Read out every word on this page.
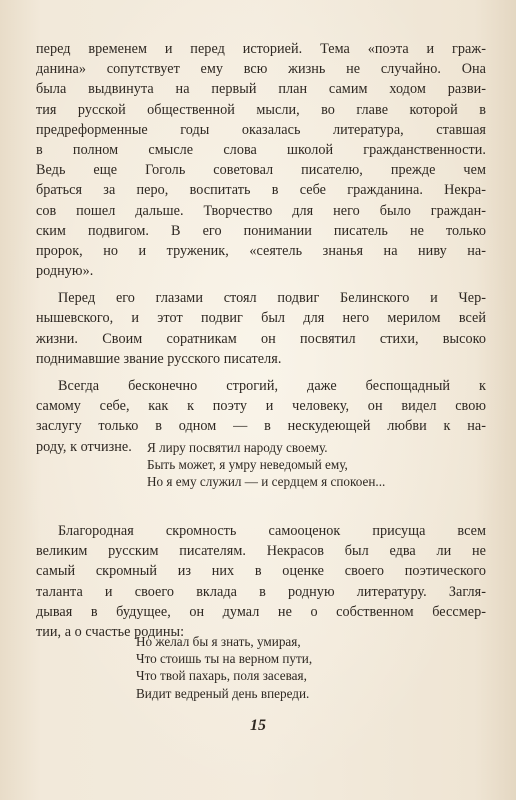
перед временем и перед историей. Тема «поэта и граж-
данина» сопутствует ему всю жизнь не случайно. Она
была выдвинута на первый план самим ходом разви-
тия русской общественной мысли, во главе которой в
предреформенные годы оказалась литература, ставшая
в полном смысле слова школой гражданственности.
Ведь еще Гоголь советовал писателю, прежде чем
браться за перо, воспитать в себе гражданина. Некра-
сов пошел дальше. Творчество для него было граждан-
ским подвигом. В его понимании писатель не только
пророк, но и труженик, «сеятель знанья на ниву на-
родную».
Перед его глазами стоял подвиг Белинского и Чер-
нышевского, и этот подвиг был для него мерилом всей
жизни. Своим соратникам он посвятил стихи, высоко
поднимавшие звание русского писателя.
Всегда бесконечно строгий, даже беспощадный к
самому себе, как к поэту и человеку, он видел свою
заслугу только в одном — в нескудеющей любви к на-
роду, к отчизне.	Я лиру посвятил народу своему.
Быть может, я умру неведомый ему,
Но я ему служил — и сердцем я спокоен...
Благородная скромность самооценок присуща всем
великим русским писателям. Некрасов был едва ли не
самый скромный из них в оценке своего поэтического
таланта и своего вклада в родную литературу. Загля-
дывая в будущее, он думал не о собственном бессмер-
тии, а о счастье родины:
Но желал бы я знать, умирая,
Что стоишь ты на верном пути,
Что твой пахарь, поля засевая,
Видит ведреный день впереди.
15
